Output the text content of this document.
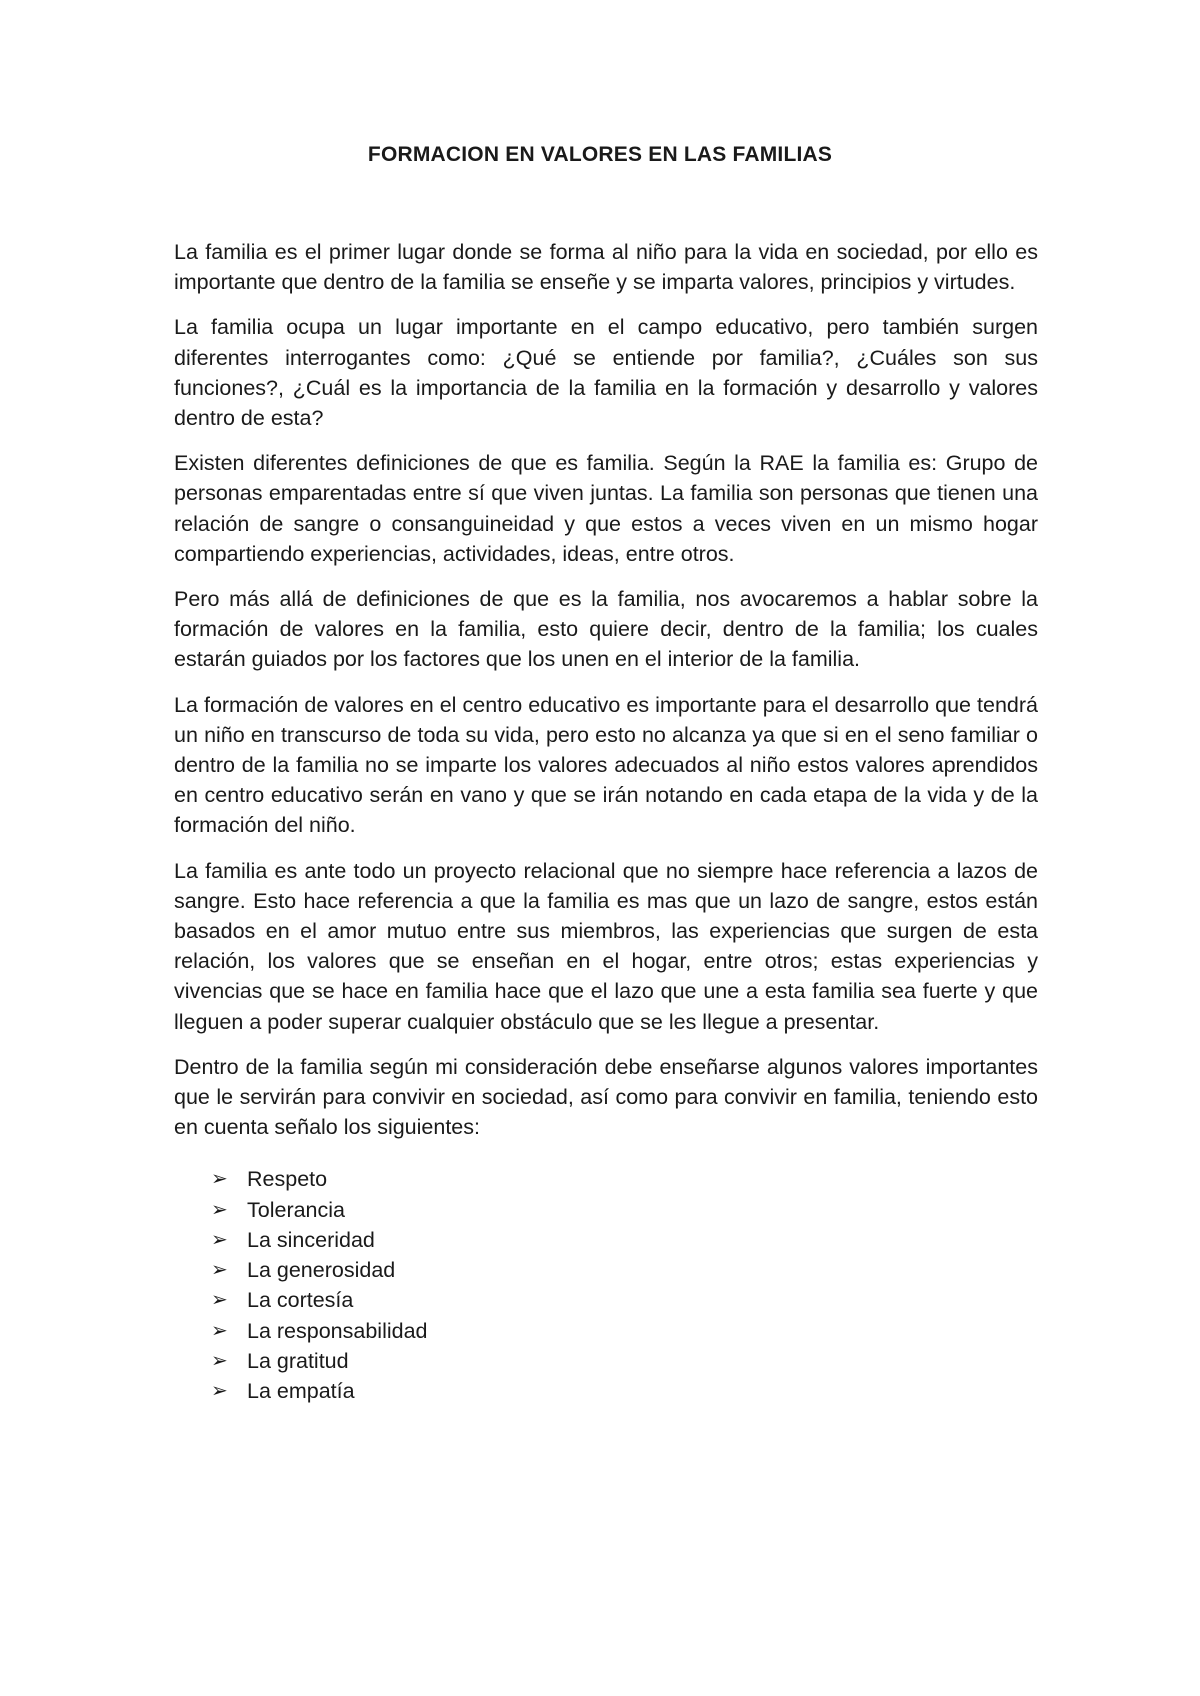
FORMACION EN VALORES EN LAS FAMILIAS

La familia es el primer lugar donde se forma al niño para la vida en sociedad, por ello es importante que dentro de la familia se enseñe y se imparta valores, principios y virtudes.

La familia ocupa un lugar importante en el campo educativo, pero también surgen diferentes interrogantes como: ¿Qué se entiende por familia?, ¿Cuáles son sus funciones?, ¿Cuál es la importancia de la familia en la formación y desarrollo y valores dentro de esta?

Existen diferentes definiciones de que es familia. Según la RAE la familia es: Grupo de personas emparentadas entre sí que viven juntas. La familia son personas que tienen una relación de sangre o consanguineidad y que estos a veces viven en un mismo hogar compartiendo experiencias, actividades, ideas, entre otros.

Pero más allá de definiciones de que es la familia, nos avocaremos a hablar sobre la formación de valores en la familia, esto quiere decir, dentro de la familia; los cuales estarán guiados por los factores que los unen en el interior de la familia.

La formación de valores en el centro educativo es importante para el desarrollo que tendrá un niño en transcurso de toda su vida, pero esto no alcanza ya que si en el seno familiar o dentro de la familia no se imparte los valores adecuados al niño estos valores aprendidos en centro educativo serán en vano y que se irán notando en cada etapa de la vida y de la formación del niño.

La familia es ante todo un proyecto relacional que no siempre hace referencia a lazos de sangre. Esto hace referencia a que la familia es mas que un lazo de sangre, estos están basados en el amor mutuo entre sus miembros, las experiencias que surgen de esta relación, los valores que se enseñan en el hogar, entre otros; estas experiencias y vivencias que se hace en familia hace que el lazo que une a esta familia sea fuerte y que lleguen a poder superar cualquier obstáculo que se les llegue a presentar.

Dentro de la familia según mi consideración debe enseñarse algunos valores importantes que le servirán para convivir en sociedad, así como para convivir en familia, teniendo esto en cuenta señalo los siguientes:

➢ Respeto
➢ Tolerancia
➢ La sinceridad
➢ La generosidad
➢ La cortesía
➢ La responsabilidad
➢ La gratitud
➢ La empatía
